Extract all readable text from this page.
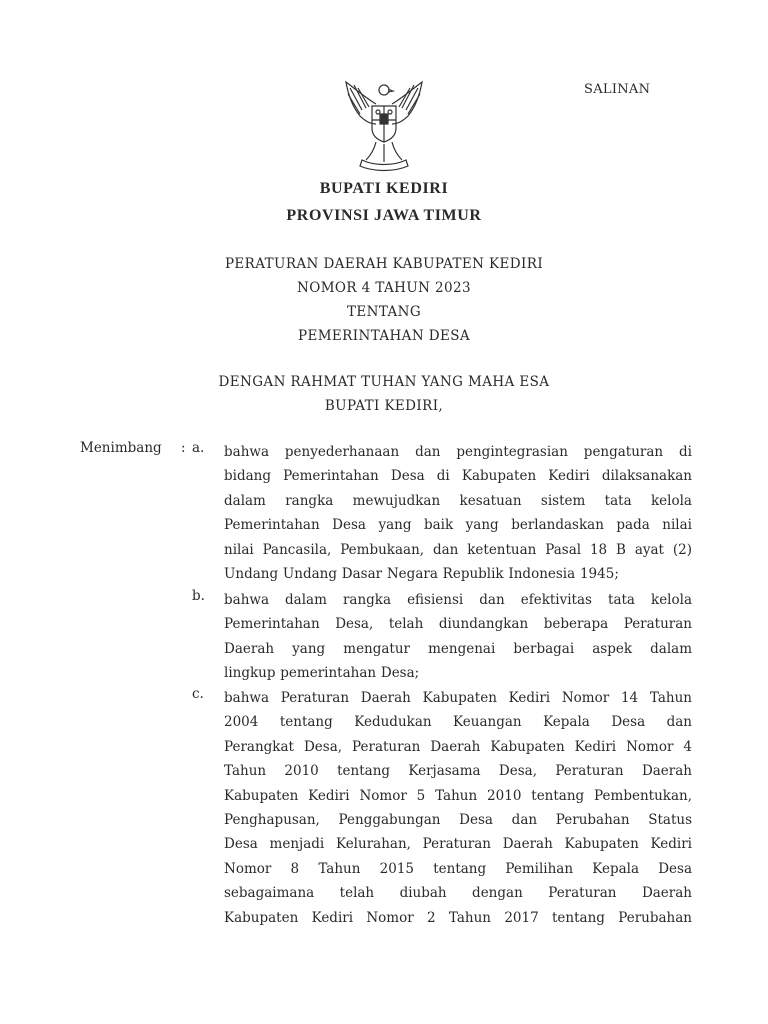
SALINAN
BUPATI KEDIRI
PROVINSI JAWA TIMUR
PERATURAN DAERAH KABUPATEN KEDIRI
NOMOR 4 TAHUN 2023
TENTANG
PEMERINTAHAN DESA
DENGAN RAHMAT TUHAN YANG MAHA ESA
BUPATI KEDIRI,
Menimbang : a. bahwa penyederhanaan dan pengintegrasian pengaturan di
bidang Pemerintahan Desa di Kabupaten Kediri dilaksanakan
dalam rangka mewujudkan kesatuan sistem tata kelola
Pemerintahan Desa yang baik yang berlandaskan pada nilai
nilai Pancasila, Pembukaan, dan ketentuan Pasal 18 B ayat (2)
Undang Undang Dasar Negara Republik Indonesia 1945;
b. bahwa dalam rangka efisiensi dan efektivitas tata kelola
Pemerintahan Desa, telah diundangkan beberapa Peraturan
Daerah yang mengatur mengenai berbagai aspek dalam
lingkup pemerintahan Desa;
c. bahwa Peraturan Daerah Kabupaten Kediri Nomor 14 Tahun
2004 tentang Kedudukan Keuangan Kepala Desa dan
Perangkat Desa, Peraturan Daerah Kabupaten Kediri Nomor 4
Tahun 2010 tentang Kerjasama Desa, Peraturan Daerah
Kabupaten Kediri Nomor 5 Tahun 2010 tentang Pembentukan,
Penghapusan, Penggabungan Desa dan Perubahan Status
Desa menjadi Kelurahan, Peraturan Daerah Kabupaten Kediri
Nomor 8 Tahun 2015 tentang Pemilihan Kepala Desa
sebagaimana telah diubah dengan Peraturan Daerah
Kabupaten Kediri Nomor 2 Tahun 2017 tentang Perubahan
